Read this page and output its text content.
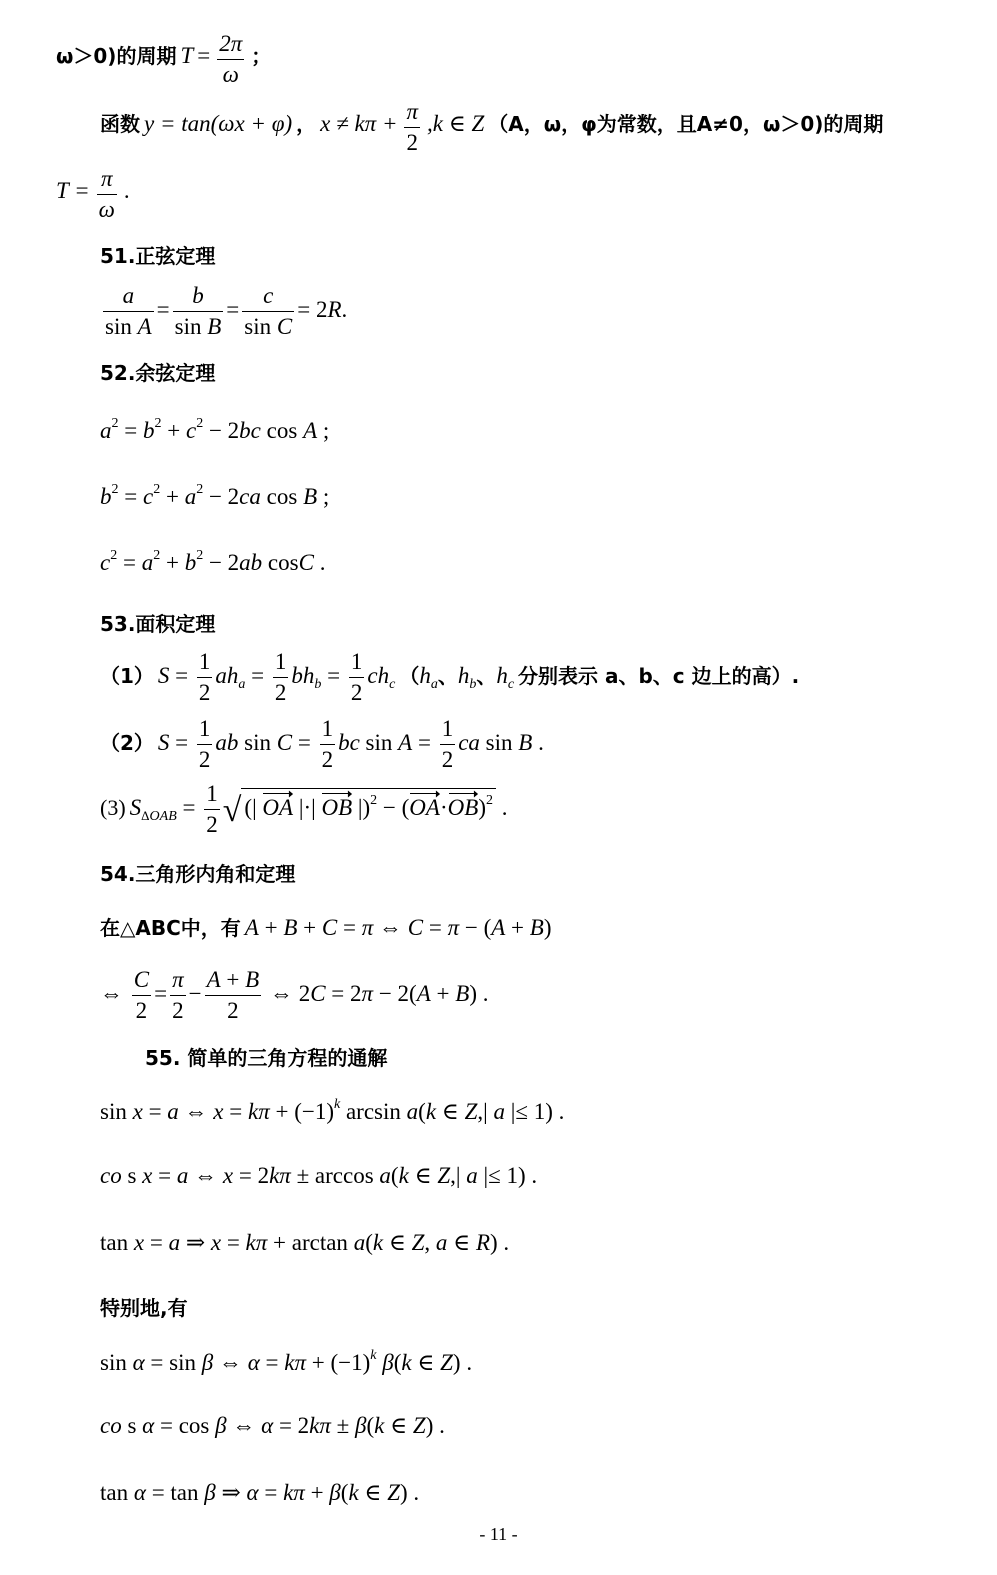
ω＞0)的周期 $T = \frac{2\pi}{\omega}$ ；
函数 y = tan(ωx + φ) ， $x \ne k\pi + \frac{\pi}{2} ,k$ ∈ Z （A，ω，φ为常数，且A≠0，ω＞0)的周期
$T = \frac{\pi}{\omega}$ .
51.正弦定理
$\frac{a}{\text{sin A}} = \frac{b}{\text{sin B}} = \frac{c}{\text{sin C}} = 2R$.
52.余弦定理
$a^2 = b^2 + c^2 - 2bc$ cos A ;
$b^2 = c^2 + a^2 - 2ca$ cos B ;
$c^2 = a^2 + b^2 - 2ab$ cosC .
53.面积定理
（1） $S = \frac{1}{2} ah_a = \frac{1}{2} bh_b = \frac{1}{2} ch_c$ （$h_a$、$h_b$、$h_c$ 分别表示 a、b、c 边上的高）.
（2） $S = \frac{1}{2}$ ab $\sin C = \frac{1}{2}$ bc $\sin A = \frac{1}{2}$ ca sin B .
(3) $S_{\Delta OAB} = \frac{1}{2}$ √ (| OA |·| OB $|)^2 - (OA\cdot OB)^2$ .
54.三角形内角和定理
在△ABC中，有 A + B + C = π ⇔ C = π − (A + B)
⇔ $\frac{C}{2} = \frac{\pi}{2} - \frac{A + B}{2}$ ⇔ 2C = 2π − 2(A + B) .
55. 简单的三角方程的通解
sin x = a ⇔ $x = k\pi + (-1)^k$ arcsin a(k ∈ Z,| a |≤ 1) .
co s x = a ⇔ x = 2kπ ± arccos a(k ∈ Z,| a |≤ 1) .
tan x = a ⇒ x = kπ + arctan a(k ∈ Z, a ∈ R) .
特别地,有
sin α = sin β ⇔ $\alpha = k\pi + (-1)^k$ β(k ∈ Z) .
co s α = cos β ⇔ α = 2kπ ± β(k ∈ Z) .
tan α = tan β ⇒ α = kπ + β(k ∈ Z) .
- 11 -
